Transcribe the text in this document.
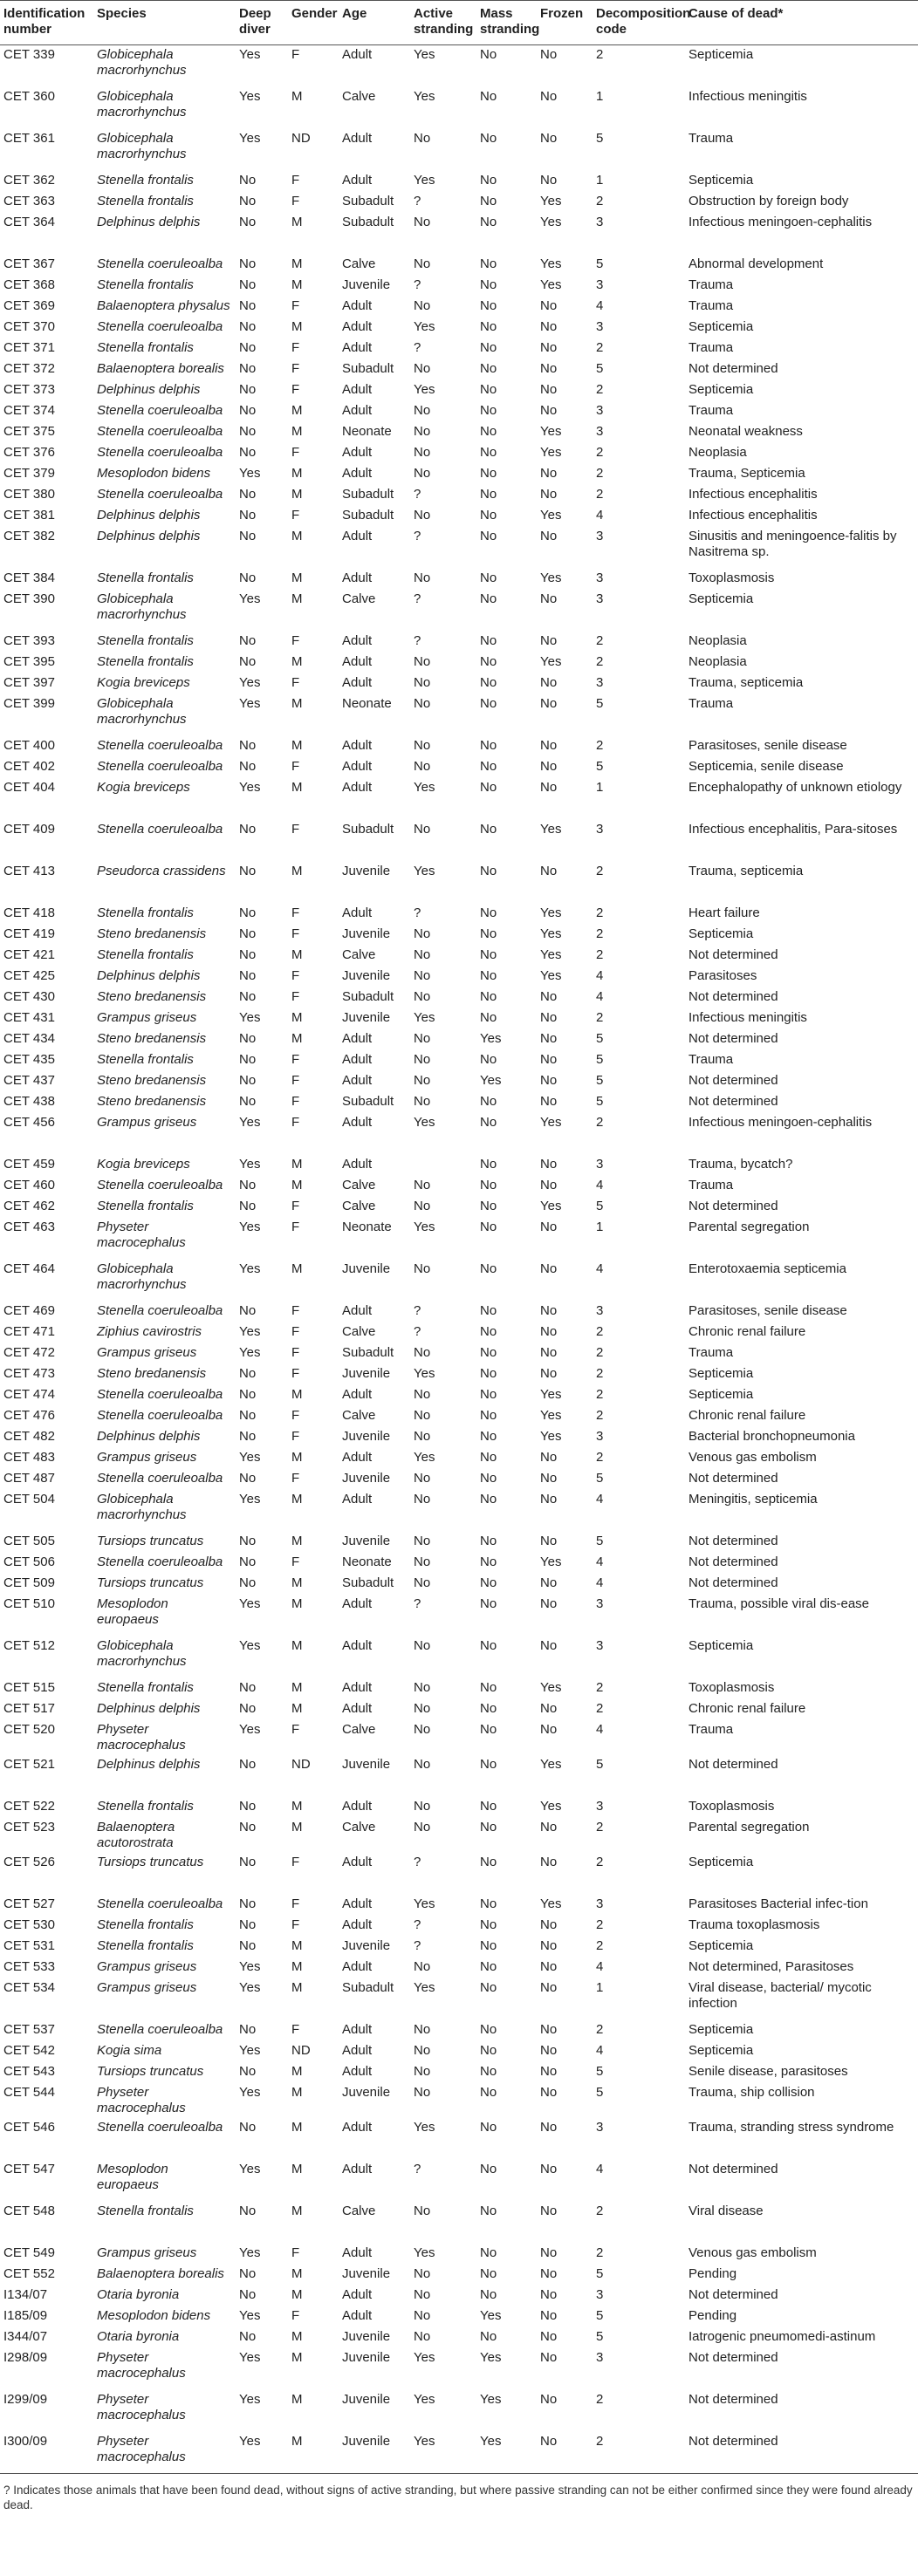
Identification number	Species	Deep diver	Gender	Age	Active stranding	Mass stranding	Frozen	Decomposition code	Cause of dead*
CET 339	Globicephala macrorhynchus	Yes	F	Adult	Yes	No	No	2	Septicemia
CET 360	Globicephala macrorhynchus	Yes	M	Calve	Yes	No	No	1	Infectious meningitis
CET 361	Globicephala macrorhynchus	Yes	ND	Adult	No	No	No	5	Trauma
CET 362	Stenella frontalis	No	F	Adult	Yes	No	No	1	Septicemia
CET 363	Stenella frontalis	No	F	Subadult	?	No	Yes	2	Obstruction by foreign body
CET 364	Delphinus delphis	No	M	Subadult	No	No	Yes	3	Infectious meningoen-cephalitis
CET 367	Stenella coeruleoalba	No	M	Calve	No	No	Yes	5	Abnormal development
CET 368	Stenella frontalis	No	M	Juvenile	?	No	Yes	3	Trauma
CET 369	Balaenoptera physalus	No	F	Adult	No	No	No	4	Trauma
CET 370	Stenella coeruleoalba	No	M	Adult	Yes	No	No	3	Septicemia
CET 371	Stenella frontalis	No	F	Adult	?	No	No	2	Trauma
CET 372	Balaenoptera borealis	No	F	Subadult	No	No	No	5	Not determined
CET 373	Delphinus delphis	No	F	Adult	Yes	No	No	2	Septicemia
CET 374	Stenella coeruleoalba	No	M	Adult	No	No	No	3	Trauma
CET 375	Stenella coeruleoalba	No	M	Neonate	No	No	Yes	3	Neonatal weakness
CET 376	Stenella coeruleoalba	No	F	Adult	No	No	Yes	2	Neoplasia
CET 379	Mesoplodon bidens	Yes	M	Adult	No	No	No	2	Trauma, Septicemia
CET 380	Stenella coeruleoalba	No	M	Subadult	?	No	No	2	Infectious encephalitis
CET 381	Delphinus delphis	No	F	Subadult	No	No	Yes	4	Infectious encephalitis
CET 382	Delphinus delphis	No	M	Adult	?	No	No	3	Sinusitis and meningoence-falitis by Nasitrema sp.
CET 384	Stenella frontalis	No	M	Adult	No	No	Yes	3	Toxoplasmosis
CET 390	Globicephala macrorhynchus	Yes	M	Calve	?	No	No	3	Septicemia
CET 393	Stenella frontalis	No	F	Adult	?	No	No	2	Neoplasia
CET 395	Stenella frontalis	No	M	Adult	No	No	Yes	2	Neoplasia
CET 397	Kogia breviceps	Yes	F	Adult	No	No	No	3	Trauma, septicemia
CET 399	Globicephala macrorhynchus	Yes	M	Neonate	No	No	No	5	Trauma
CET 400	Stenella coeruleoalba	No	M	Adult	No	No	No	2	Parasitoses, senile disease
CET 402	Stenella coeruleoalba	No	F	Adult	No	No	No	5	Septicemia, senile disease
CET 404	Kogia breviceps	Yes	M	Adult	Yes	No	No	1	Encephalopathy of unknown etiology
CET 409	Stenella coeruleoalba	No	F	Subadult	No	No	Yes	3	Infectious encephalitis, Para-sitoses
CET 413	Pseudorca crassidens	No	M	Juvenile	Yes	No	No	2	Trauma, septicemia
CET 418	Stenella frontalis	No	F	Adult	?	No	Yes	2	Heart failure
CET 419	Steno bredanensis	No	F	Juvenile	No	No	Yes	2	Septicemia
CET 421	Stenella frontalis	No	M	Calve	No	No	Yes	2	Not determined
CET 425	Delphinus delphis	No	F	Juvenile	No	No	Yes	4	Parasitoses
CET 430	Steno bredanensis	No	F	Subadult	No	No	No	4	Not determined
CET 431	Grampus griseus	Yes	M	Juvenile	Yes	No	No	2	Infectious meningitis
CET 434	Steno bredanensis	No	M	Adult	No	Yes	No	5	Not determined
CET 435	Stenella frontalis	No	F	Adult	No	No	No	5	Trauma
CET 437	Steno bredanensis	No	F	Adult	No	Yes	No	5	Not determined
CET 438	Steno bredanensis	No	F	Subadult	No	No	No	5	Not determined
CET 456	Grampus griseus	Yes	F	Adult	Yes	No	Yes	2	Infectious meningoen-cephalitis
CET 459	Kogia breviceps	Yes	M	Adult		No	No	3	Trauma, bycatch?
CET 460	Stenella coeruleoalba	No	M	Calve	No	No	No	4	Trauma
CET 462	Stenella frontalis	No	F	Calve	No	No	Yes	5	Not determined
CET 463	Physeter macrocephalus	Yes	F	Neonate	Yes	No	No	1	Parental segregation
CET 464	Globicephala macrorhynchus	Yes	M	Juvenile	No	No	No	4	Enterotoxaemia septicemia
CET 469	Stenella coeruleoalba	No	F	Adult	?	No	No	3	Parasitoses, senile disease
CET 471	Ziphius cavirostris	Yes	F	Calve	?	No	No	2	Chronic renal failure
CET 472	Grampus griseus	Yes	F	Subadult	No	No	No	2	Trauma
CET 473	Steno bredanensis	No	F	Juvenile	Yes	No	No	2	Septicemia
CET 474	Stenella coeruleoalba	No	M	Adult	No	No	Yes	2	Septicemia
CET 476	Stenella coeruleoalba	No	F	Calve	No	No	Yes	2	Chronic renal failure
CET 482	Delphinus delphis	No	F	Juvenile	No	No	Yes	3	Bacterial bronchopneumonia
CET 483	Grampus griseus	Yes	M	Adult	Yes	No	No	2	Venous gas embolism
CET 487	Stenella coeruleoalba	No	F	Juvenile	No	No	No	5	Not determined
CET 504	Globicephala macrorhynchus	Yes	M	Adult	No	No	No	4	Meningitis, septicemia
CET 505	Tursiops truncatus	No	M	Juvenile	No	No	No	5	Not determined
CET 506	Stenella coeruleoalba	No	F	Neonate	No	No	Yes	4	Not determined
CET 509	Tursiops truncatus	No	M	Subadult	No	No	No	4	Not determined
CET 510	Mesoplodon europaeus	Yes	M	Adult	?	No	No	3	Trauma, possible viral dis-ease
CET 512	Globicephala macrorhynchus	Yes	M	Adult	No	No	No	3	Septicemia
CET 515	Stenella frontalis	No	M	Adult	No	No	Yes	2	Toxoplasmosis
CET 517	Delphinus delphis	No	M	Adult	No	No	No	2	Chronic renal failure
CET 520	Physeter macrocephalus	Yes	F	Calve	No	No	No	4	Trauma
CET 521	Delphinus delphis	No	ND	Juvenile	No	No	Yes	5	Not determined
CET 522	Stenella frontalis	No	M	Adult	No	No	Yes	3	Toxoplasmosis
CET 523	Balaenoptera acutorostrata	No	M	Calve	No	No	No	2	Parental segregation
CET 526	Tursiops truncatus	No	F	Adult	?	No	No	2	Septicemia
CET 527	Stenella coeruleoalba	No	F	Adult	Yes	No	Yes	3	Parasitoses Bacterial infec-tion
CET 530	Stenella frontalis	No	F	Adult	?	No	No	2	Trauma toxoplasmosis
CET 531	Stenella frontalis	No	M	Juvenile	?	No	No	2	Septicemia
CET 533	Grampus griseus	Yes	M	Adult	No	No	No	4	Not determined, Parasitoses
CET 534	Grampus griseus	Yes	M	Subadult	Yes	No	No	1	Viral disease, bacterial/ mycotic infection
CET 537	Stenella coeruleoalba	No	F	Adult	No	No	No	2	Septicemia
CET 542	Kogia sima	Yes	ND	Adult	No	No	No	4	Septicemia
CET 543	Tursiops truncatus	No	M	Adult	No	No	No	5	Senile disease, parasitoses
CET 544	Physeter macrocephalus	Yes	M	Juvenile	No	No	No	5	Trauma, ship collision
CET 546	Stenella coeruleoalba	No	M	Adult	Yes	No	No	3	Trauma, stranding stress syndrome
CET 547	Mesoplodon europaeus	Yes	M	Adult	?	No	No	4	Not determined
CET 548	Stenella frontalis	No	M	Calve	No	No	No	2	Viral disease
CET 549	Grampus griseus	Yes	F	Adult	Yes	No	No	2	Venous gas embolism
CET 552	Balaenoptera borealis	No	M	Juvenile	No	No	No	5	Pending
I134/07	Otaria byronia	No	M	Adult	No	No	No	3	Not determined
I185/09	Mesoplodon bidens	Yes	F	Adult	No	Yes	No	5	Pending
I344/07	Otaria byronia	No	M	Juvenile	No	No	No	5	Iatrogenic pneumomedi-astinum
I298/09	Physeter macrocephalus	Yes	M	Juvenile	Yes	Yes	No	3	Not determined
I299/09	Physeter macrocephalus	Yes	M	Juvenile	Yes	Yes	No	2	Not determined
I300/09	Physeter macrocephalus	Yes	M	Juvenile	Yes	Yes	No	2	Not determined
? Indicates those animals that have been found dead, without signs of active stranding, but where passive stranding can not be either confirmed since they were found already dead.
